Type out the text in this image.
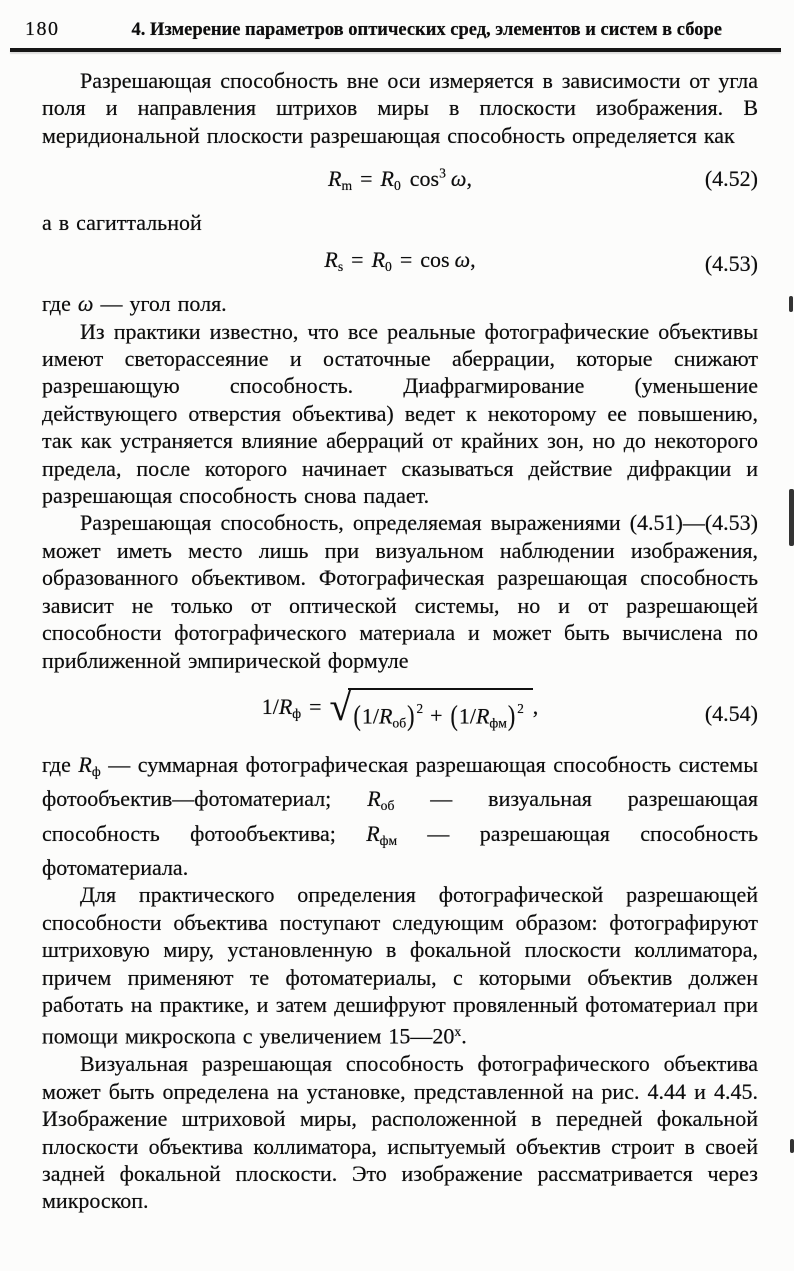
180	4. Измерение параметров оптических сред, элементов и систем в сборе

Разрешающая способность вне оси измеряется в зависимости от угла поля и направления штрихов миры в плоскости изображения. В меридиональной плоскости разрешающая способность определяется как

Rm = R0 $\cos^3 \omega$,	(4.52)

а в сагиттальной

Rs = R0 = cos ω,	(4.53)

где ω — угол поля.

Из практики известно, что все реальные фотографические объективы имеют светорассеяние и остаточные аберрации, которые снижают разрешающую способность. Диафрагмирование (уменьшение действующего отверстия объектива) ведет к некоторому ее повышению, так как устраняется влияние аберраций от крайних зон, но до некоторого предела, после которого начинает сказываться действие дифракции и разрешающая способность снова падает.

Разрешающая способность, определяемая выражениями (4.51)—(4.53) может иметь место лишь при визуальном наблюдении изображения, образованного объективом. Фотографическая разрешающая способность зависит не только от оптической системы, но и от разрешающей способности фотографического материала и может быть вычислена по приближенной эмпирической формуле

1/Rф = √ (1/Rоб) $^2$ + (1/Rфм) $^2$ ,	(4.54)

где Rф — суммарная фотографическая разрешающая способность системы фотообъектив—фотоматериал; Rоб — визуальная разрешающая способность фотообъектива; Rфм — разрешающая способность фотоматериала.

Для практического определения фотографической разрешающей способности объектива поступают следующим образом: фотографируют штриховую миру, установленную в фокальной плоскости коллиматора, причем применяют те фотоматериалы, с которыми объектив должен работать на практике, и затем дешифруют провяленный фотоматериал при помощи микроскопа с увеличением $15—20^х$.

Визуальная разрешающая способность фотографического объектива может быть определена на установке, представленной на рис. 4.44 и 4.45. Изображение штриховой миры, расположенной в передней фокальной плоскости объектива коллиматора, испытуемый объектив строит в своей задней фокальной плоскости. Это изображение рассматривается через микроскоп.
